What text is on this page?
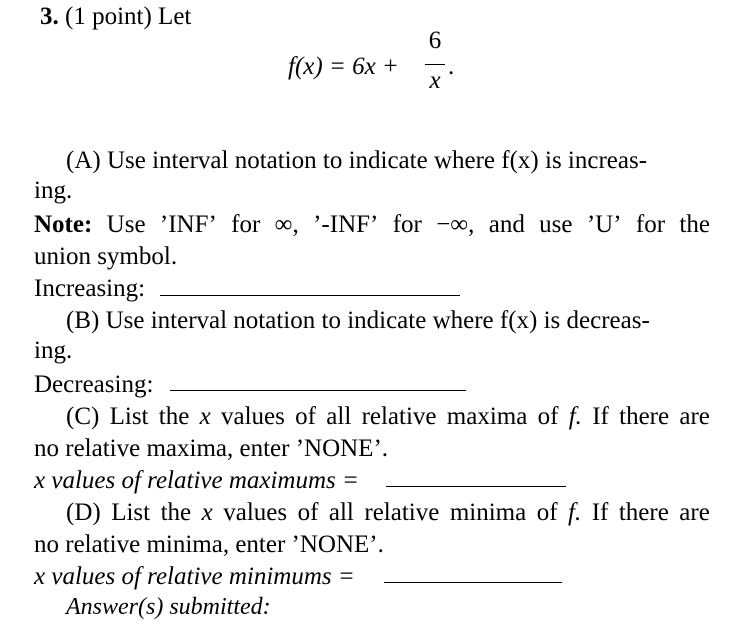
3. (1 point) Let
f(x) = 6x +
6
x
.
(A) Use interval notation to indicate where f(x) is increas-
ing.
Note: Use ’INF’ for ∞, ’-INF’ for −∞, and use ’U’ for the
union symbol.
Increasing:
(B) Use interval notation to indicate where f(x) is decreas-
ing.
Decreasing:
(C) List the x values of all relative maxima of f. If there are
no relative maxima, enter ’NONE’.
x values of relative maximums =
(D) List the x values of all relative minima of f. If there are
no relative minima, enter ’NONE’.
x values of relative minimums =
Answer(s) submitted:
